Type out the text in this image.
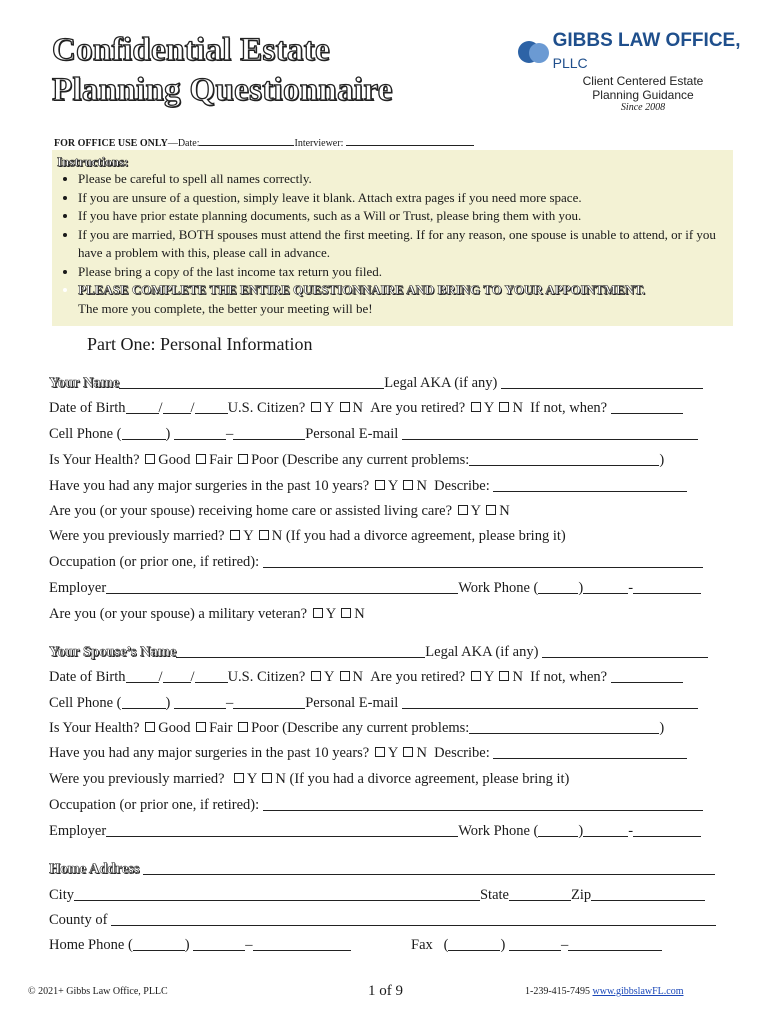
Confidential Estate
Planning Questionnaire
GIBBS LAW OFFICE, PLLC
Client Centered Estate
Planning Guidance
Since 2008
FOR OFFICE USE ONLY—Date:	Interviewer:
Instructions:
• Please be careful to spell all names correctly.
• If you are unsure of a question, simply leave it blank. Attach extra pages if you need more space.
• If you have prior estate planning documents, such as a Will or Trust, please bring them with you.
• If you are married, BOTH spouses must attend the first meeting. If for any reason, one spouse is unable to attend, or if you have a problem with this, please call in advance.
• Please bring a copy of the last income tax return you filed.
• PLEASE COMPLETE THE ENTIRE QUESTIONNAIRE AND BRING TO YOUR APPOINTMENT.
The more you complete, the better your meeting will be!
Part One: Personal Information
Your Name	Legal AKA (if any)
Date of Birth / / U.S. Citizen? Y N Are you retired? Y N If not, when?
Cell Phone (	)	–	Personal E-mail
Is Your Health? Good Fair Poor (Describe any current problems:	)
Have you had any major surgeries in the past 10 years? Y N Describe:
Are you (or your spouse) receiving home care or assisted living care? Y N
Were you previously married? Y N (If you had a divorce agreement, please bring it)
Occupation (or prior one, if retired):
Employer	Work Phone (	)	-
Are you (or your spouse) a military veteran? Y N
Your Spouse’s Name	Legal AKA (if any)
Date of Birth / / U.S. Citizen? Y N Are you retired? Y N If not, when?
Cell Phone (	)	–	Personal E-mail
Is Your Health? Good Fair Poor (Describe any current problems:	)
Have you had any major surgeries in the past 10 years? Y N Describe:
Were you previously married? Y N (If you had a divorce agreement, please bring it)
Occupation (or prior one, if retired):
Employer	Work Phone (	)	-
Home Address
City	State	Zip
County of
Home Phone (	)	–	Fax   (	)	–
© 2021+ Gibbs Law Office, PLLC	1 of 9	1-239-415-7495 www.gibbslawFL.com
